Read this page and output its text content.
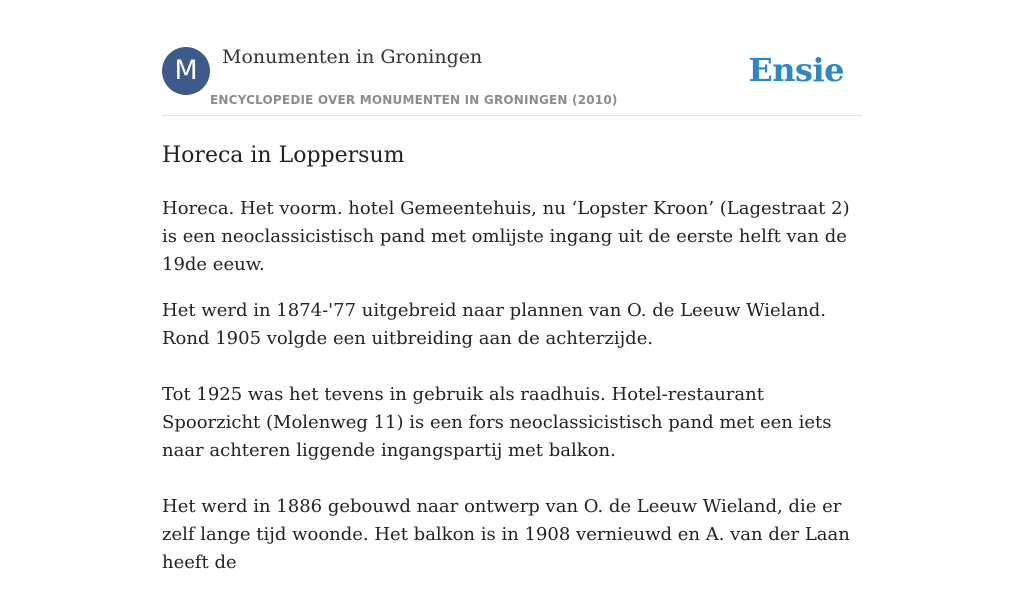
M	Monumenten in Groningen
ENCYCLOPEDIE OVER MONUMENTEN IN GRONINGEN (2010)
Ensie
Horeca in Loppersum

Horeca. Het voorm. hotel Gemeentehuis, nu ‘Lopster Kroon’ (Lagestraat 2) is een neoclassicistisch pand met omlijste ingang uit de eerste helft van de 19de eeuw.

Het werd in 1874-'77 uitgebreid naar plannen van O. de Leeuw Wieland. Rond 1905 volgde een uitbreiding aan de achterzijde.

Tot 1925 was het tevens in gebruik als raadhuis. Hotel-restaurant Spoorzicht (Molenweg 11) is een fors neoclassicistisch pand met een iets naar achteren liggende ingangspartij met balkon.

Het werd in 1886 gebouwd naar ontwerp van O. de Leeuw Wieland, die er zelf lange tijd woonde. Het balkon is in 1908 vernieuwd en A. van der Laan heeft de
